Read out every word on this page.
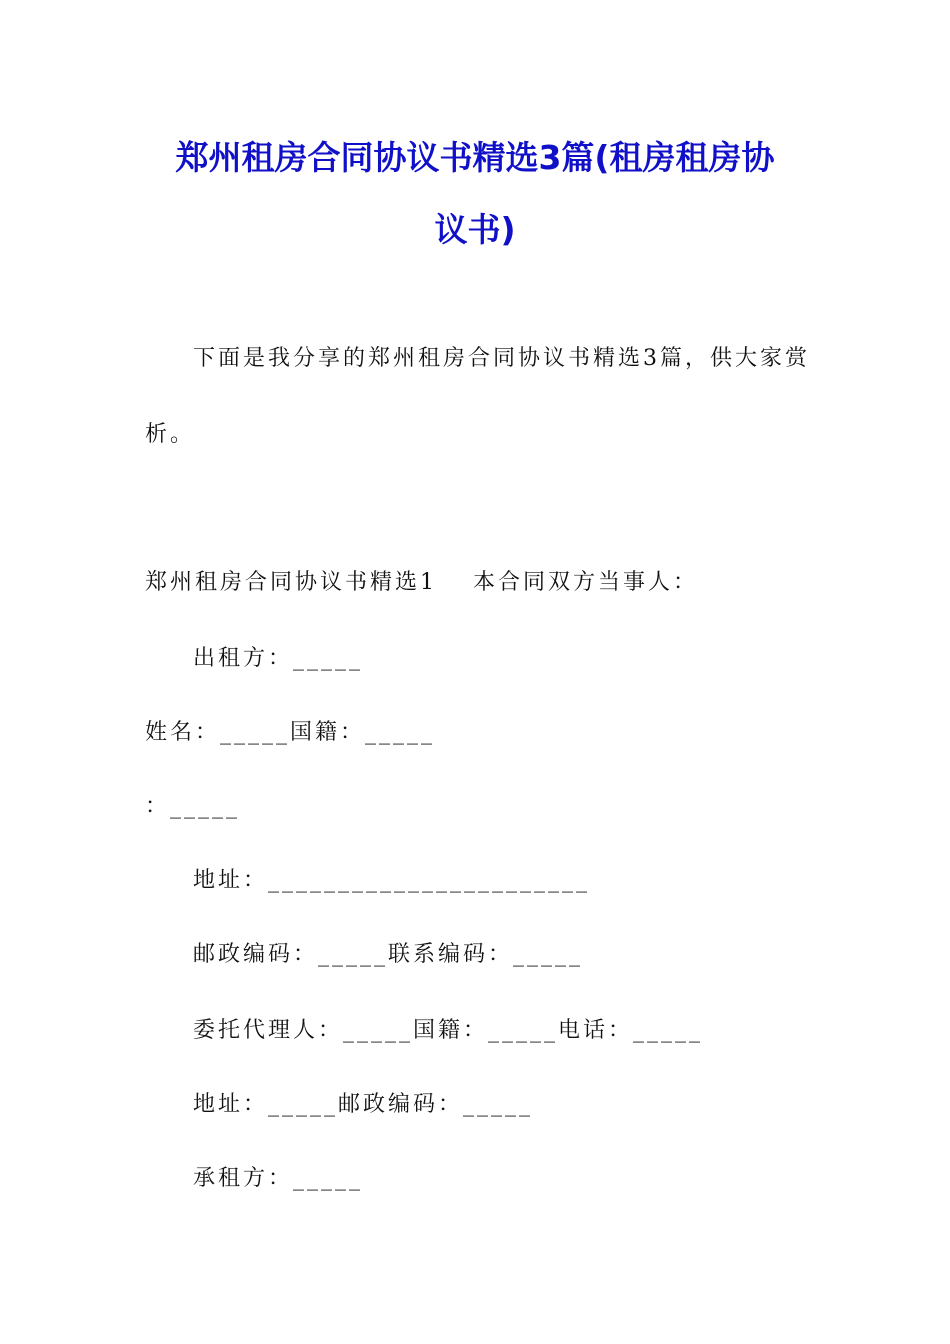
郑州租房合同协议书精选3篇(租房租房协
议书)

下面是我分享的郑州租房合同协议书精选3篇，供大家赏

析。

郑州租房合同协议书精选1 本合同双方当事人：

出租方：_____

姓名：_____国籍：_____

：_____

地址：_______________________

邮政编码：_____联系编码：_____

委托代理人：_____国籍：_____电话：_____

地址：_____邮政编码：_____

承租方：_____
